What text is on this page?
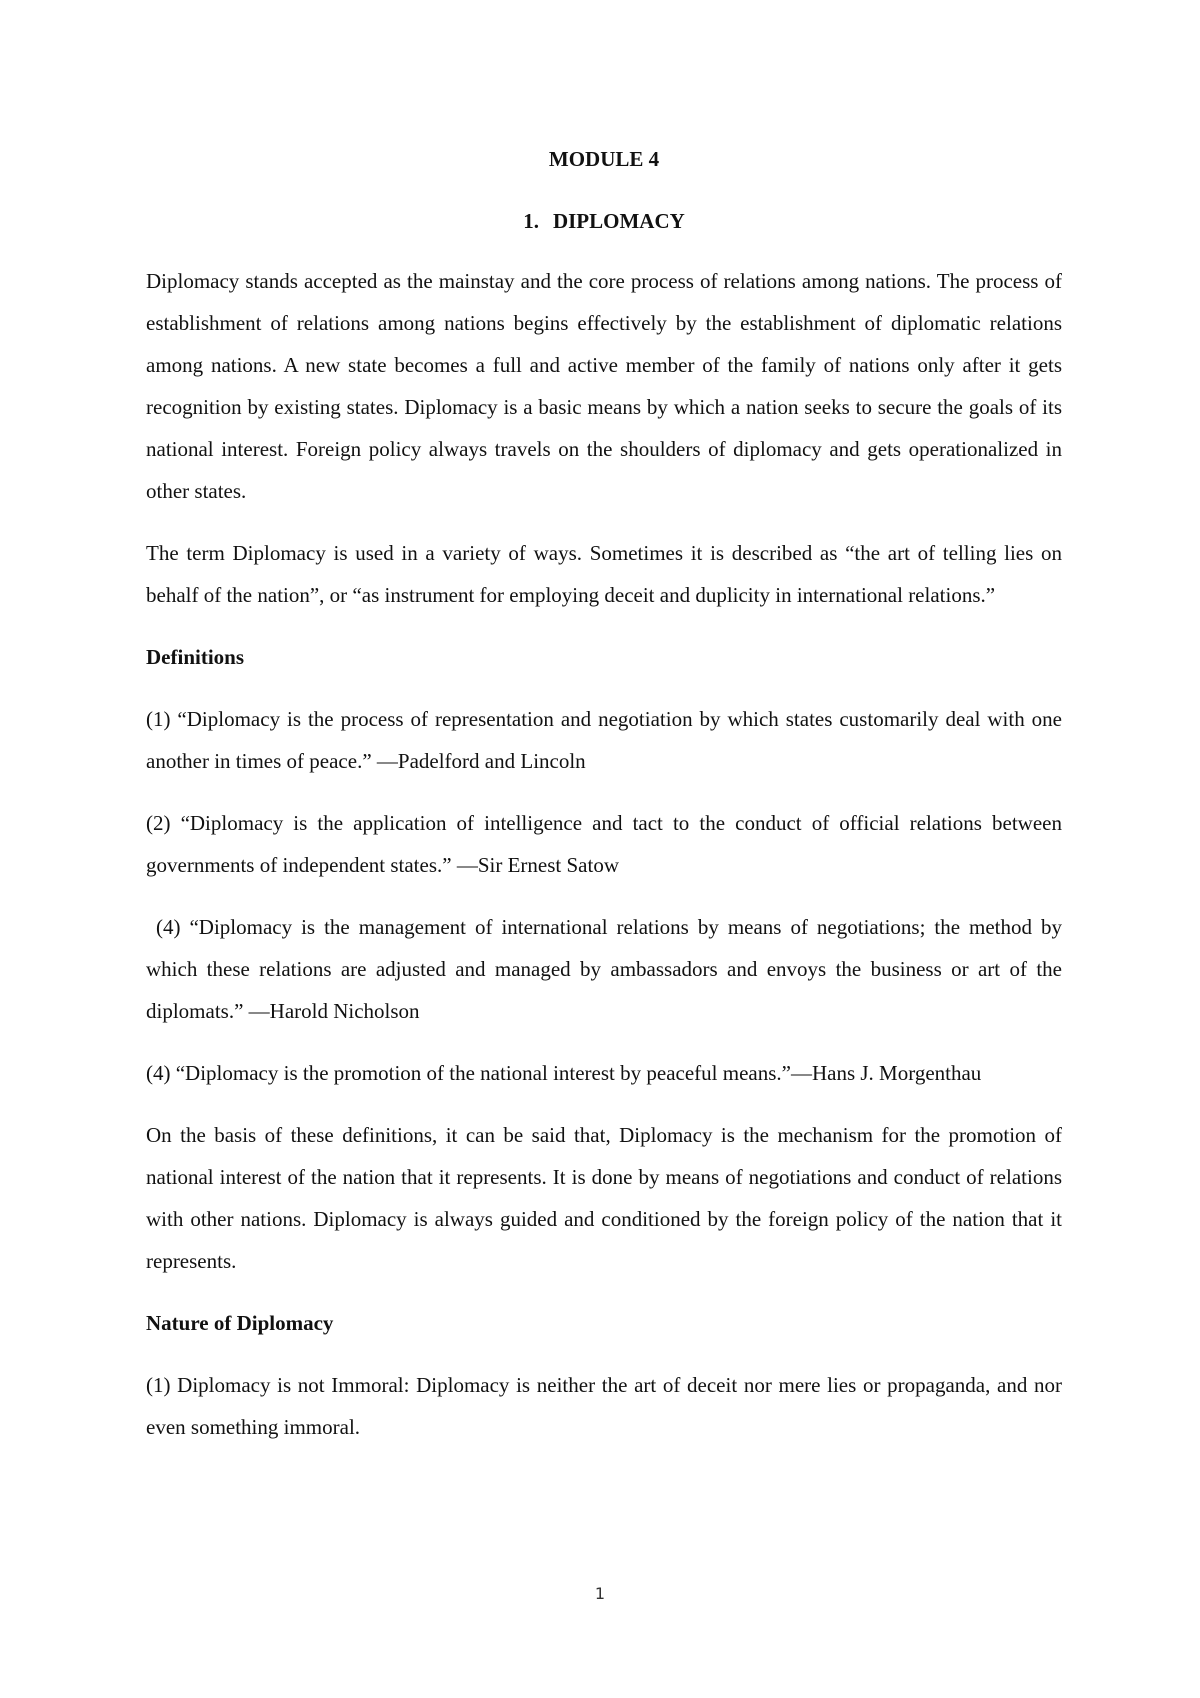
MODULE 4
1. DIPLOMACY

Diplomacy stands accepted as the mainstay and the core process of relations among nations. The process of establishment of relations among nations begins effectively by the establishment of diplomatic relations among nations. A new state becomes a full and active member of the family of nations only after it gets recognition by existing states. Diplomacy is a basic means by which a nation seeks to secure the goals of its national interest. Foreign policy always travels on the shoulders of diplomacy and gets operationalized in other states.

The term Diplomacy is used in a variety of ways. Sometimes it is described as “the art of telling lies on behalf of the nation”, or “as instrument for employing deceit and duplicity in international relations.”

Definitions

(1) “Diplomacy is the process of representation and negotiation by which states customarily deal with one another in times of peace.” —Padelford and Lincoln

(2) “Diplomacy is the application of intelligence and tact to the conduct of official relations between governments of independent states.” —Sir Ernest Satow

(4) “Diplomacy is the management of international relations by means of negotiations; the method by which these relations are adjusted and managed by ambassadors and envoys the business or art of the diplomats.” —Harold Nicholson

(4) “Diplomacy is the promotion of the national interest by peaceful means.”—Hans J. Morgenthau

On the basis of these definitions, it can be said that, Diplomacy is the mechanism for the promotion of national interest of the nation that it represents. It is done by means of negotiations and conduct of relations with other nations. Diplomacy is always guided and conditioned by the foreign policy of the nation that it represents.

Nature of Diplomacy

(1) Diplomacy is not Immoral: Diplomacy is neither the art of deceit nor mere lies or propaganda, and nor even something immoral.

1
